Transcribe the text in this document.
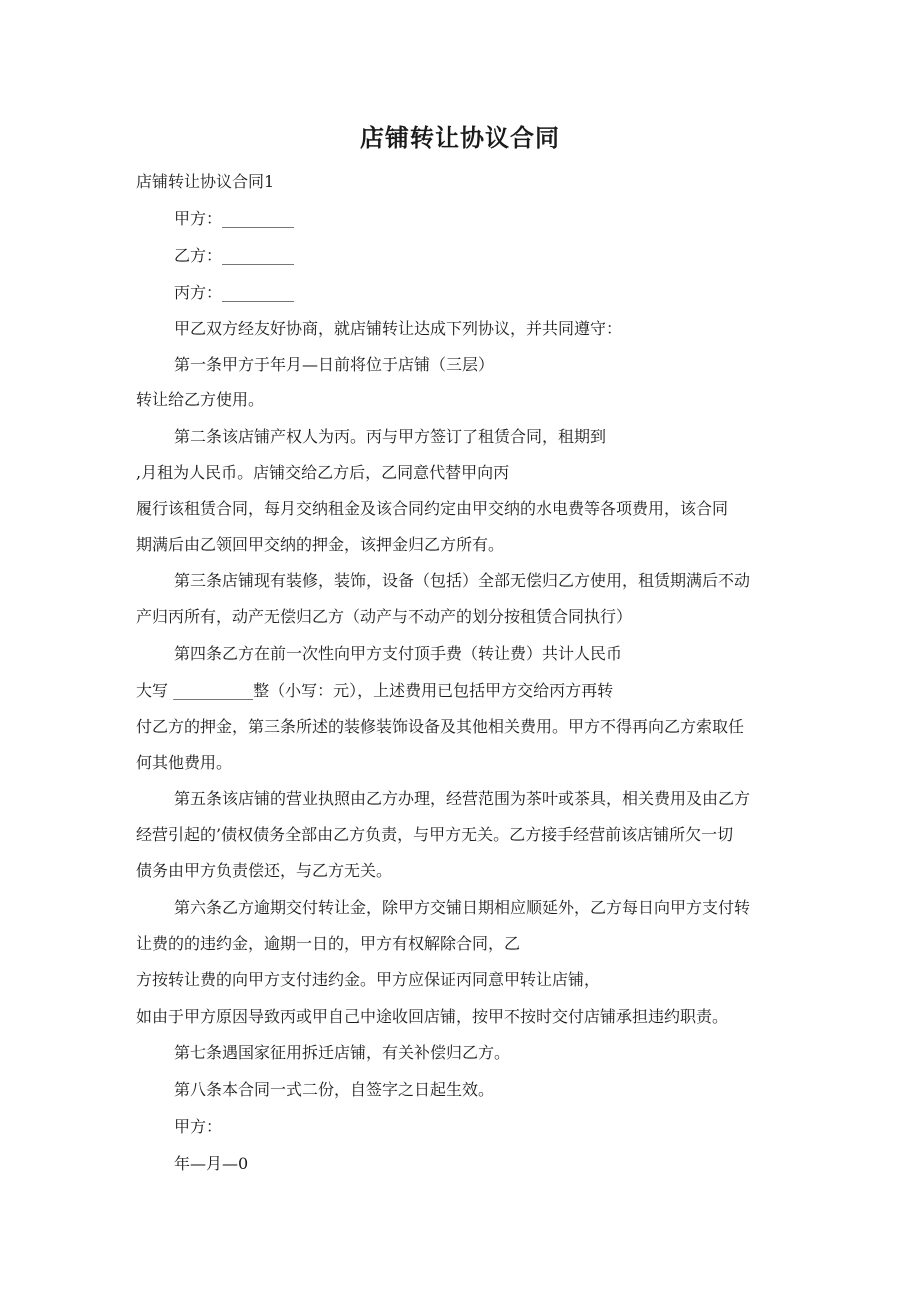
店铺转让协议合同
店铺转让协议合同1
甲方：_________
乙方：_________
丙方：_________
甲乙双方经友好协商，就店铺转让达成下列协议，并共同遵守：
第一条甲方于年月—日前将位于店铺（三层）
转让给乙方使用。
第二条该店铺产权人为丙。丙与甲方签订了租赁合同，租期到
,月租为人民币。店铺交给乙方后，乙同意代替甲向丙
履行该租赁合同，每月交纳租金及该合同约定由甲交纳的水电费等各项费用，该合同
期满后由乙领回甲交纳的押金，该押金归乙方所有。
第三条店铺现有装修，装饰，设备（包括）全部无偿归乙方使用，租赁期满后不动
产归丙所有，动产无偿归乙方（动产与不动产的划分按租赁合同执行）
第四条乙方在前一次性向甲方支付顶手费（转让费）共计人民币
大写 __________整（小写：元），上述费用已包括甲方交给丙方再转
付乙方的押金，第三条所述的装修装饰设备及其他相关费用。甲方不得再向乙方索取任
何其他费用。
第五条该店铺的营业执照由乙方办理，经营范围为茶叶或茶具，相关费用及由乙方
经营引起的’债权债务全部由乙方负责，与甲方无关。乙方接手经营前该店铺所欠一切
债务由甲方负责偿还，与乙方无关。
第六条乙方逾期交付转让金，除甲方交铺日期相应顺延外，乙方每日向甲方支付转
让费的的违约金，逾期一日的，甲方有权解除合同，乙
方按转让费的向甲方支付违约金。甲方应保证丙同意甲转让店铺，
如由于甲方原因导致丙或甲自己中途收回店铺，按甲不按时交付店铺承担违约职责。
第七条遇国家征用拆迁店铺，有关补偿归乙方。
第八条本合同一式二份，自签字之日起生效。
甲方：
年—月—0
